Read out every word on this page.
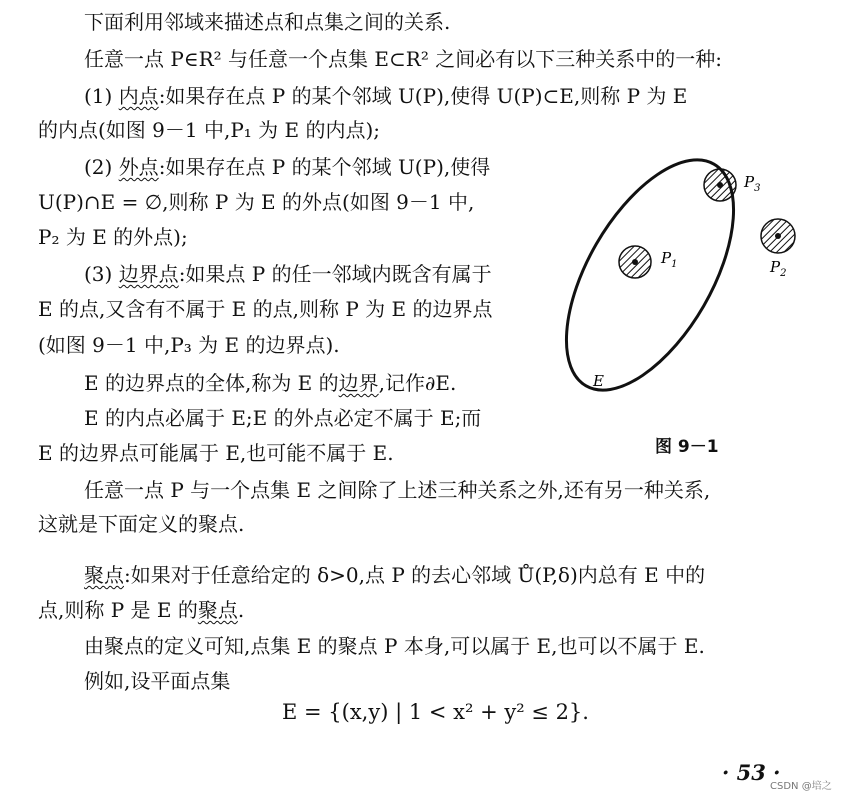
下面利用邻域来描述点和点集之间的关系.
任意一点 P∈R² 与任意一个点集 E⊂R² 之间必有以下三种关系中的一种:
(1) 内点:如果存在点 P 的某个邻域 U(P),使得 U(P)⊂E,则称 P 为 E
的内点(如图 9－1 中,P₁ 为 E 的内点);
(2) 外点:如果存在点 P 的某个邻域 U(P),使得
U(P)∩E = ∅,则称 P 为 E 的外点(如图 9－1 中,
P₂ 为 E 的外点);
(3) 边界点:如果点 P 的任一邻域内既含有属于
E 的点,又含有不属于 E 的点,则称 P 为 E 的边界点
(如图 9－1 中,P₃ 为 E 的边界点).
E 的边界点的全体,称为 E 的边界,记作∂E.
E 的内点必属于 E;E 的外点必定不属于 E;而
E 的边界点可能属于 E,也可能不属于 E.
任意一点 P 与一个点集 E 之间除了上述三种关系之外,还有另一种关系,
这就是下面定义的聚点.
聚点:如果对于任意给定的 δ>0,点 P 的去心邻域 Ů(P,δ)内总有 E 中的
点,则称 P 是 E 的聚点.
由聚点的定义可知,点集 E 的聚点 P 本身,可以属于 E,也可以不属于 E.
例如,设平面点集
E = {(x,y) | 1 < x² + y² ≤ 2}.
$P_1$
$P_3$
$P_2$
E
图 9－1
· 53 ·
CSDN @培之
